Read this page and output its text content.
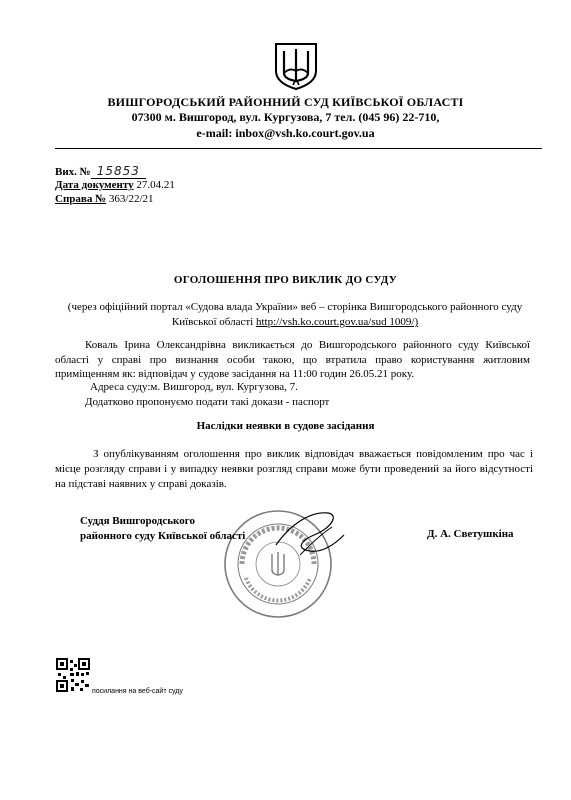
ВИШГОРОДСЬКИЙ РАЙОННИЙ СУД КИЇВСЬКОЇ ОБЛАСТІ
07300 м. Вишгород, вул. Кургузова, 7 тел. (045 96) 22-710,
e-mail: inbox@vsh.ko.court.gov.ua
Вих. № 15853
Дата документу 27.04.21
Справа № 363/22/21
ОГОЛОШЕННЯ ПРО ВИКЛИК ДО СУДУ
(через офіційний портал «Судова влада України» веб – сторінка Вишгородського районного суду Київської області http://vsh.ko.court.gov.ua/sud 1009/)
Коваль Ірина Олександрівна викликається до Вишгородського районного суду Київської області у справі про визнання особи такою, що втратила право користування житловим приміщенням як: відповідач у судове засідання на 11:00 годин 26.05.21 року.
Адреса суду:м. Вишгород, вул. Кургузова, 7.
Додатково пропонуємо подати такі докази - паспорт
Наслідки неявки в судове засідання
З опублікуванням оголошення про виклик відповідач вважається повідомленим про час і місце розгляду справи і у випадку неявки розгляд справи може бути проведений за його відсутності на підставі наявних у справі доказів.
Суддя Вишгородського
районного суду Київської області	Д. А. Светушкіна
посилання на веб-сайт суду
